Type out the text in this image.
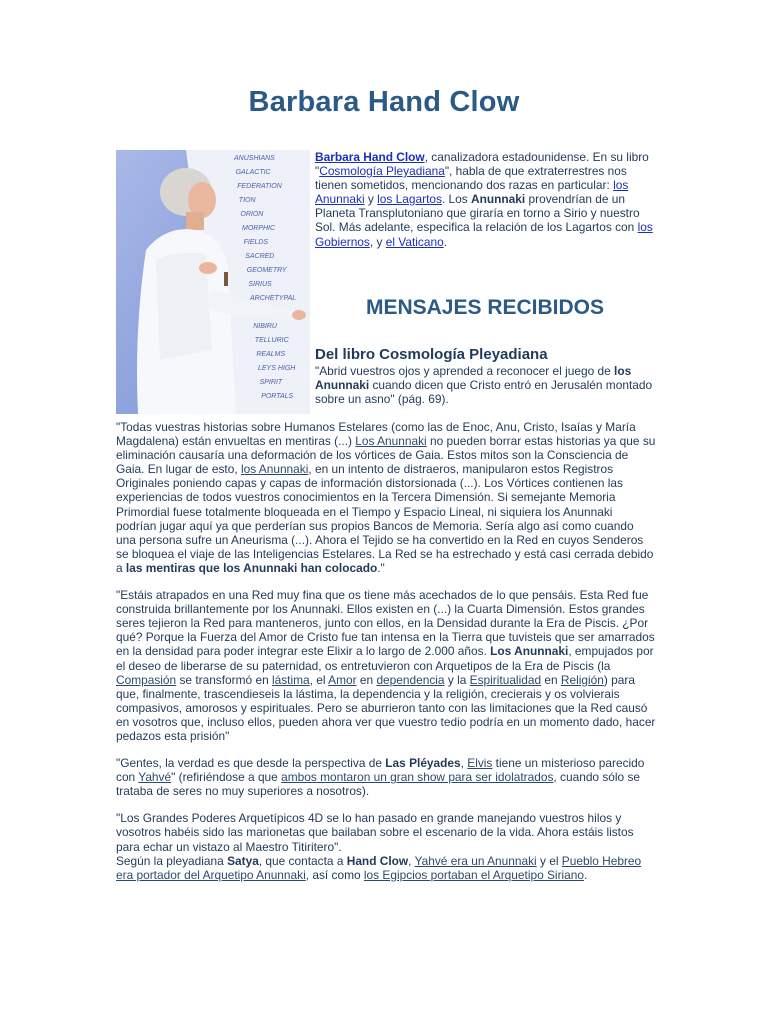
Barbara Hand Clow
ANUSHIANS
GALACTIC
FEDERATION
TION
ORION
MORPHIC
FIELDS
SACRED
GEOMETRY
SIRIUS
ARCHETYPAL
NIBIRU
TELLURIC
REALMS
LEYS HIGH
SPIRIT
PORTALS
Barbara Hand Clow, canalizadora estadounidense. En su libro "Cosmología Pleyadiana", habla de que extraterrestres nos tienen sometidos, mencionando dos razas en particular: los Anunnaki y los Lagartos. Los Anunnaki provendrían de un Planeta Transplutoniano que giraría en torno a Sirio y nuestro Sol. Más adelante, especifica la relación de los Lagartos con los Gobiernos, y el Vaticano.
MENSAJES RECIBIDOS
Del libro Cosmología Pleyadiana
"Abrid vuestros ojos y aprended a reconocer el juego de los Anunnaki cuando dicen que Cristo entró en Jerusalén montado sobre un asno" (pág. 69).

"Todas vuestras historias sobre Humanos Estelares (como las de Enoc, Anu, Cristo, Isaías y María Magdalena) están envueltas en mentiras (...) Los Anunnaki no pueden borrar estas historias ya que su eliminación causaría una deformación de los vórtices de Gaia. Estos mitos son la Consciencia de Gaia. En lugar de esto, los Anunnaki, en un intento de distraeros, manipularon estos Registros Originales poniendo capas y capas de información distorsionada (...). Los Vórtices contienen las experiencias de todos vuestros conocimientos en la Tercera Dimensión. Si semejante Memoria Primordial fuese totalmente bloqueada en el Tiempo y Espacio Lineal, ni siquiera los Anunnaki podrían jugar aquí ya que perderían sus propios Bancos de Memoria. Sería algo así como cuando una persona sufre un Aneurisma (...). Ahora el Tejido se ha convertido en la Red en cuyos Senderos se bloquea el viaje de las Inteligencias Estelares. La Red se ha estrechado y está casi cerrada debido a las mentiras que los Anunnaki han colocado."

"Estáis atrapados en una Red muy fina que os tiene más acechados de lo que pensáis. Esta Red fue construida brillantemente por los Anunnaki. Ellos existen en (...) la Cuarta Dimensión. Estos grandes seres tejieron la Red para manteneros, junto con ellos, en la Densidad durante la Era de Piscis. ¿Por qué? Porque la Fuerza del Amor de Cristo fue tan intensa en la Tierra que tuvisteis que ser amarrados en la densidad para poder integrar este Elixir a lo largo de 2.000 años. Los Anunnaki, empujados por el deseo de liberarse de su paternidad, os entretuvieron con Arquetipos de la Era de Piscis (la Compasión se transformó en lástima, el Amor en dependencia y la Espiritualidad en Religión) para que, finalmente, trascendieseis la lástima, la dependencia y la religión, crecierais y os volvierais compasivos, amorosos y espirituales. Pero se aburrieron tanto con las limitaciones que la Red causó en vosotros que, incluso ellos, pueden ahora ver que vuestro tedio podría en un momento dado, hacer pedazos esta prisión"

"Gentes, la verdad es que desde la perspectiva de Las Pléyades, Elvis tiene un misterioso parecido con Yahvé" (refiriéndose a que ambos montaron un gran show para ser idolatrados, cuando sólo se trataba de seres no muy superiores a nosotros).

"Los Grandes Poderes Arquetípicos 4D se lo han pasado en grande manejando vuestros hilos y vosotros habéis sido las marionetas que bailaban sobre el escenario de la vida. Ahora estáis listos para echar un vistazo al Maestro Titiritero".
Según la pleyadiana Satya, que contacta a Hand Clow, Yahvé era un Anunnaki y el Pueblo Hebreo era portador del Arquetipo Anunnaki, así como los Egipcios portaban el Arquetipo Siriano.
